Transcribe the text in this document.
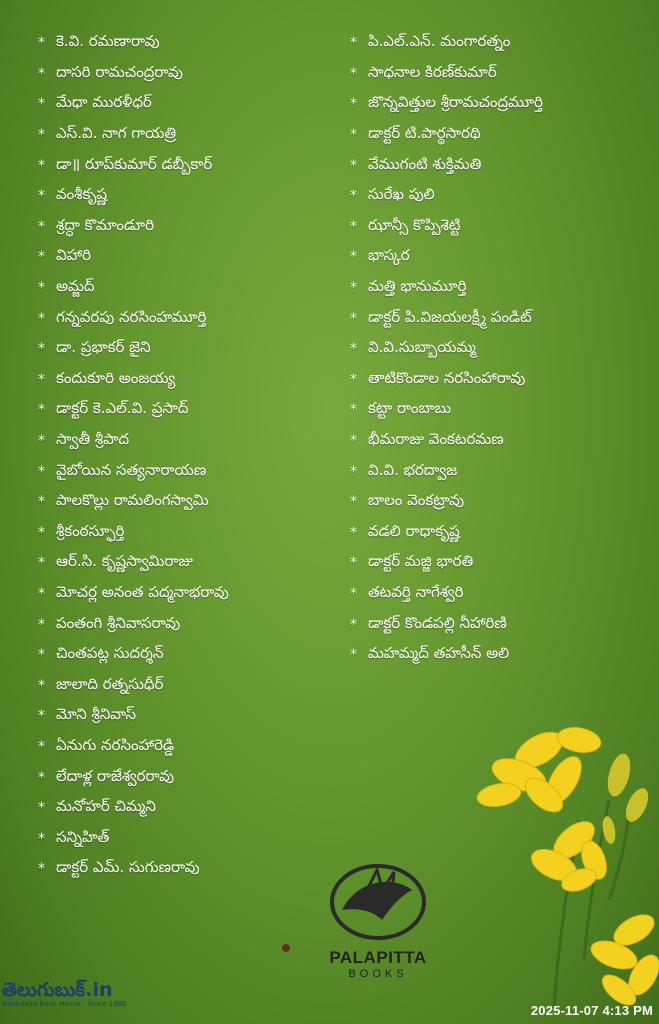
* కె.వి. రమణారావు
* దాసరి రామచంద్రరావు
* మేధా మురళీధర్
* ఎస్.వి. నాగ గాయత్రి
* డా॥ రూప్‌కుమార్ డబ్బీకార్
* వంశీకృష్ణ
* శ్రద్ధా కొమాండూరి
* విహారి
* అమ్జద్
* గన్నవరపు నరసింహమూర్తి
* డా. ప్రభాకర్ జైని
* కందుకూరి అంజయ్య
* డాక్టర్ కె.ఎల్.వి. ప్రసాద్
* స్వాతీ శ్రీపాద
* వైబోయిన సత్యనారాయణ
* పాలకొల్లు రామలింగస్వామి
* శ్రీకంఠస్ఫూర్తి
* ఆర్.సి. కృష్ణస్వామిరాజు
* మోచర్ల అనంత పద్మనాభరావు
* పంతంగి శ్రీనివాసరావు
* చింతపట్ల సుదర్శన్
* జాలాది రత్నసుధీర్
* మోని శ్రీనివాస్
* ఏనుగు నరసింహారెడ్డి
* లేదాళ్ల రాజేశ్వరరావు
* మనోహర్ చిమ్మని
* సన్నిహిత్
* డాక్టర్ ఎమ్. సుగుణరావు
* పి.ఎల్.ఎన్. మంగారత్నం
* సాధనాల కిరణ్‌కుమార్
* జొన్నవిత్తుల శ్రీరామచంద్రమూర్తి
* డాక్టర్ టి.పార్థసారథి
* వేముగంటి శుక్తిమతి
* సురేఖ పులి
* ఝాన్సీ కొప్పిశెట్టి
* భాస్కర
* మత్తి భానుమూర్తి
* డాక్టర్ పి.విజయలక్ష్మీ పండిట్
* వి.వి.సుబ్బాయమ్మ
* తాటికొండాల నరసింహారావు
* కట్టా రాంబాబు
* భీమరాజు వెంకటరమణ
* వి.వి. భరద్వాజ
* బాలం వెంకట్రావు
* వడలి రాధాకృష్ణ
* డాక్టర్ మజ్జి భారతి
* తటవర్తి నాగేశ్వరి
* డాక్టర్ కొండపల్లి నీహారిణి
* మహమ్మద్ తహసీన్ అలి
PALAPITTA
BOOKS
తెలుగుబుక్.in
Navodaya Book House · Since 1980	2025-11-07 4:13 PM
